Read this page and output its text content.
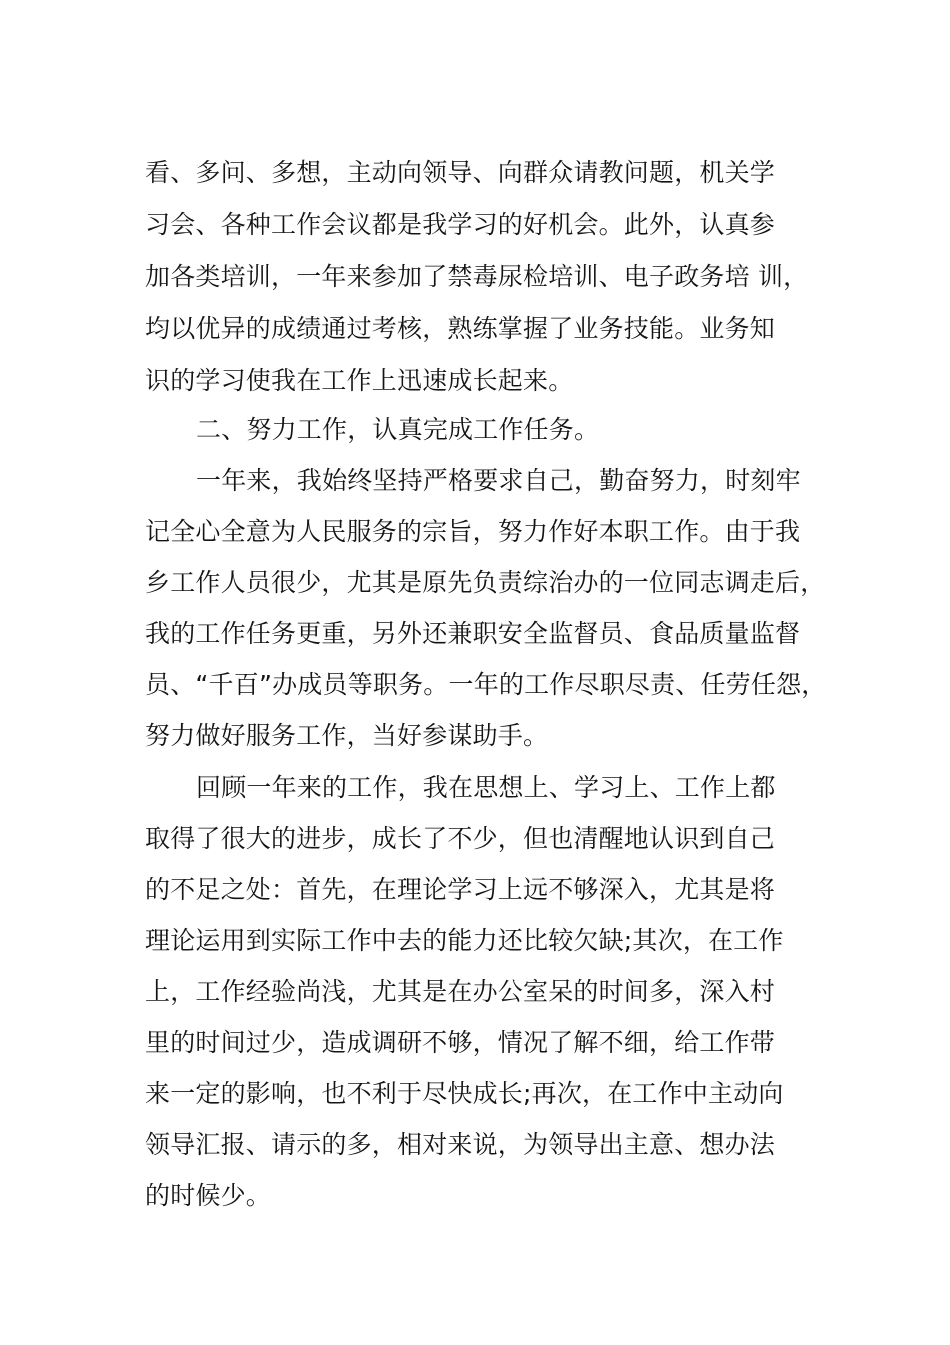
看、多问、多想，主动向领导、向群众请教问题，机关学
习会、各种工作会议都是我学习的好机会。此外，认真参
加各类培训，一年来参加了禁毒尿检培训、电子政务培 训，
均以优异的成绩通过考核，熟练掌握了业务技能。业务知
识的学习使我在工作上迅速成长起来。
二、努力工作，认真完成工作任务。
一年来，我始终坚持严格要求自己，勤奋努力，时刻牢
记全心全意为人民服务的宗旨，努力作好本职工作。由于我
乡工作人员很少，尤其是原先负责综治办的一位同志调走后，
我的工作任务更重，另外还兼职安全监督员、食品质量监督
员、“千百”办成员等职务。一年的工作尽职尽责、任劳任怨，
努力做好服务工作，当好参谋助手。
回顾一年来的工作，我在思想上、学习上、工作上都
取得了很大的进步，成长了不少，但也清醒地认识到自己
的不足之处：首先，在理论学习上远不够深入，尤其是将
理论运用到实际工作中去的能力还比较欠缺;其次，在工作
上，工作经验尚浅，尤其是在办公室呆的时间多，深入村
里的时间过少，造成调研不够，情况了解不细，给工作带
来一定的影响，也不利于尽快成长;再次，在工作中主动向
领导汇报、请示的多，相对来说，为领导出主意、想办法
的时候少。
